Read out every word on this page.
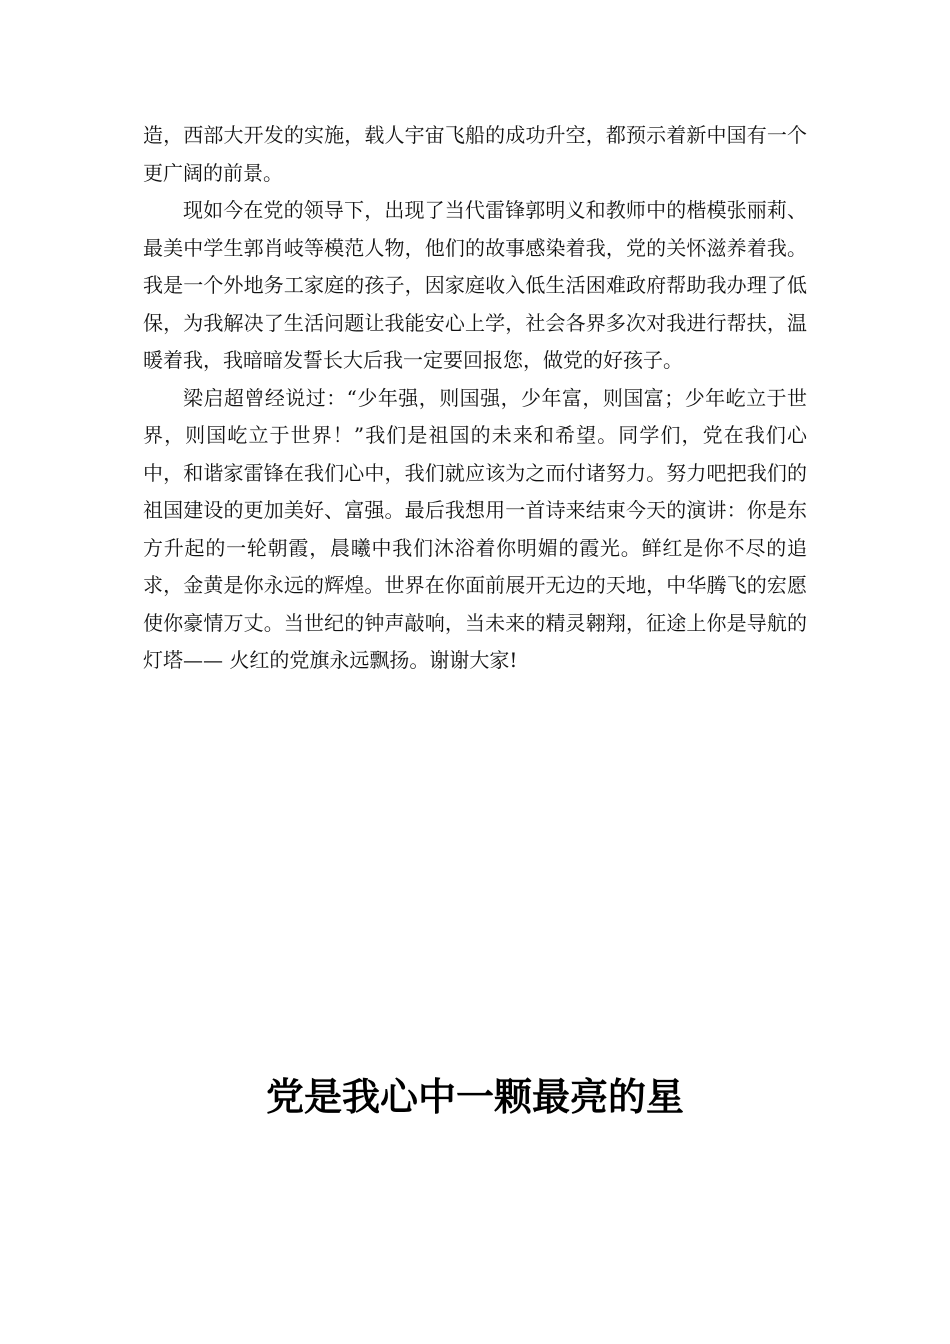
造，西部大开发的实施，载人宇宙飞船的成功升空，都预示着新中国有一个更广阔的前景。

现如今在党的领导下，出现了当代雷锋郭明义和教师中的楷模张丽莉、最美中学生郭肖岐等模范人物，他们的故事感染着我，党的关怀滋养着我。我是一个外地务工家庭的孩子，因家庭收入低生活困难政府帮助我办理了低保，为我解决了生活问题让我能安心上学，社会各界多次对我进行帮扶，温暖着我，我暗暗发誓长大后我一定要回报您，做党的好孩子。

梁启超曾经说过：“少年强，则国强，少年富，则国富；少年屹立于世界，则国屹立于世界！”我们是祖国的未来和希望。同学们，党在我们心中，和谐家雷锋在我们心中，我们就应该为之而付诸努力。努力吧把我们的祖国建设的更加美好、富强。最后我想用一首诗来结束今天的演讲：你是东方升起的一轮朝霞，晨曦中我们沐浴着你明媚的霞光。鲜红是你不尽的追求，金黄是你永远的辉煌。世界在你面前展开无边的天地，中华腾飞的宏愿使你豪情万丈。当世纪的钟声敲响，当未来的精灵翱翔，征途上你是导航的灯塔—— 火红的党旗永远飘扬。谢谢大家!

党是我心中一颗最亮的星
